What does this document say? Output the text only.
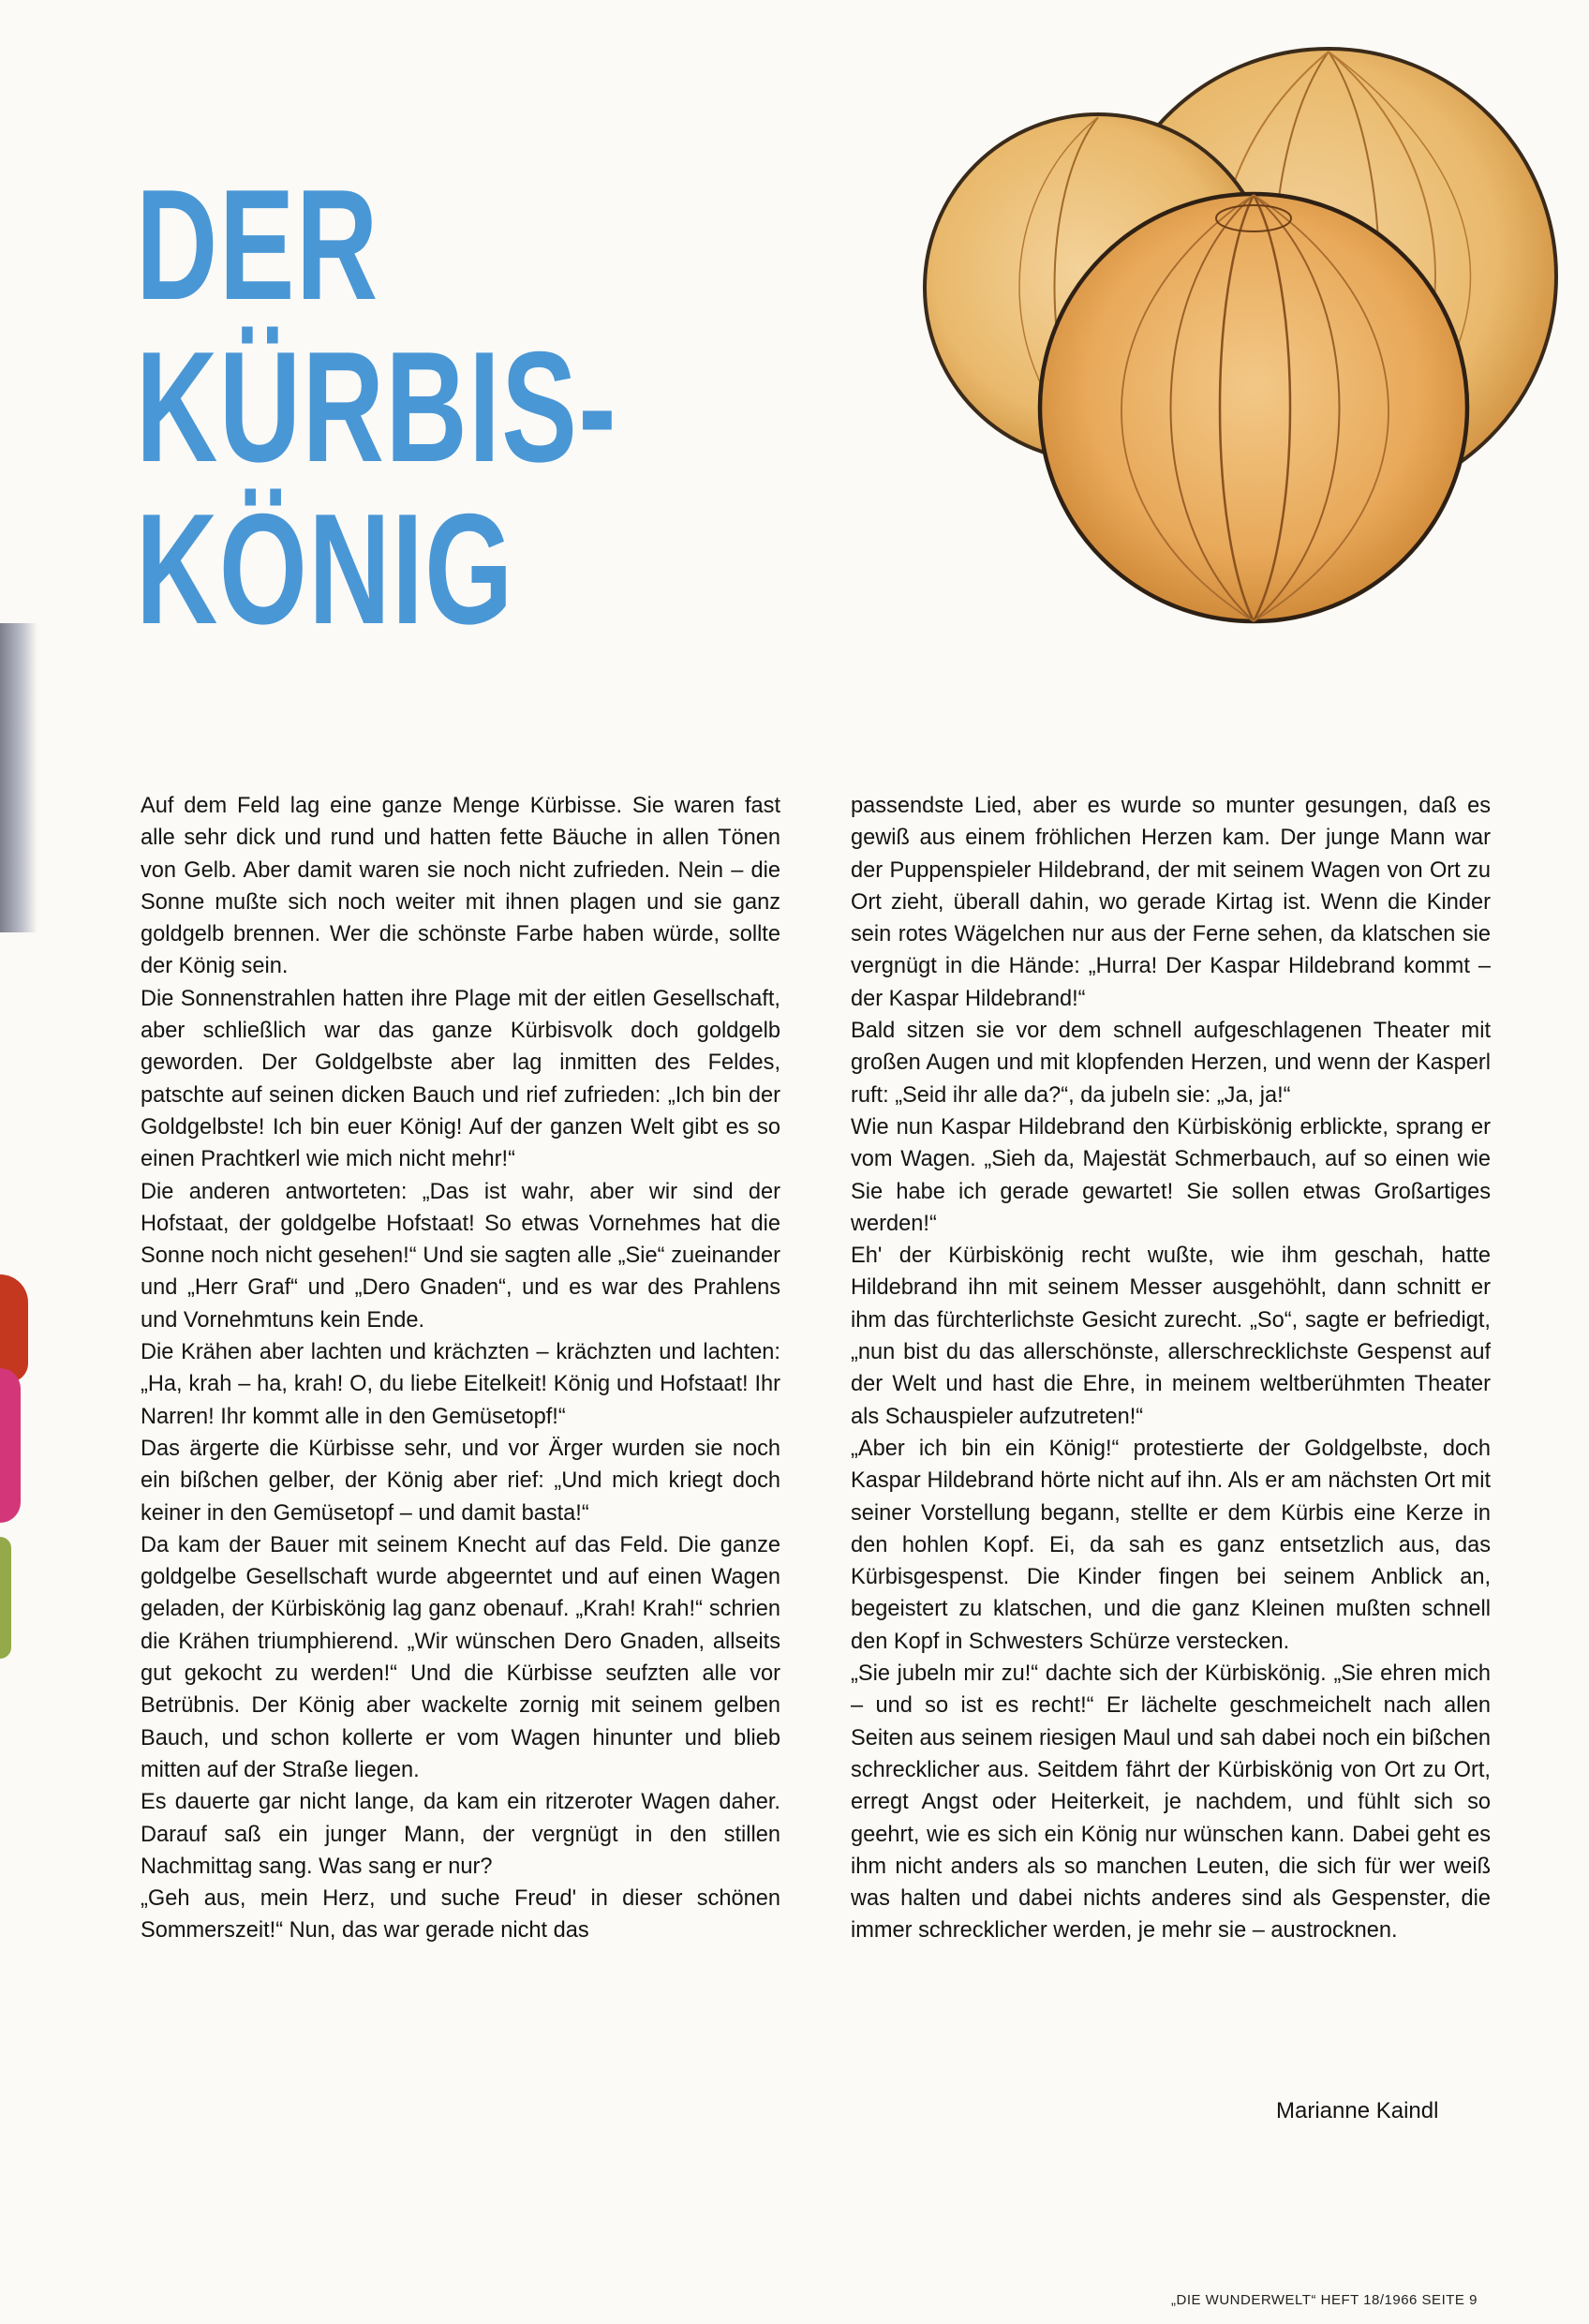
DER
KÜRBIS-
KÖNIG

Auf dem Feld lag eine ganze Menge Kürbisse. Sie waren fast alle sehr dick und rund und hatten fette Bäuche in allen Tönen von Gelb. Aber damit waren sie noch nicht zufrieden. Nein – die Sonne mußte sich noch weiter mit ihnen plagen und sie ganz goldgelb brennen. Wer die schönste Farbe haben würde, sollte der König sein.

Die Sonnenstrahlen hatten ihre Plage mit der eitlen Gesellschaft, aber schließlich war das ganze Kürbisvolk doch goldgelb geworden. Der Goldgelbste aber lag inmitten des Feldes, patschte auf seinen dicken Bauch und rief zufrieden: „Ich bin der Goldgelbste! Ich bin euer König! Auf der ganzen Welt gibt es so einen Prachtkerl wie mich nicht mehr!“

Die anderen antworteten: „Das ist wahr, aber wir sind der Hofstaat, der goldgelbe Hofstaat! So etwas Vornehmes hat die Sonne noch nicht gesehen!“ Und sie sagten alle „Sie“ zueinander und „Herr Graf“ und „Dero Gnaden“, und es war des Prahlens und Vornehmtuns kein Ende.

Die Krähen aber lachten und krächzten – krächzten und lachten: „Ha, krah – ha, krah! O, du liebe Eitelkeit! König und Hofstaat! Ihr Narren! Ihr kommt alle in den Gemüsetopf!“

Das ärgerte die Kürbisse sehr, und vor Ärger wurden sie noch ein bißchen gelber, der König aber rief: „Und mich kriegt doch keiner in den Gemüsetopf – und damit basta!“

Da kam der Bauer mit seinem Knecht auf das Feld. Die ganze goldgelbe Gesellschaft wurde abgeerntet und auf einen Wagen geladen, der Kürbiskönig lag ganz obenauf. „Krah! Krah!“ schrien die Krähen triumphierend. „Wir wünschen Dero Gnaden, allseits gut gekocht zu werden!“ Und die Kürbisse seufzten alle vor Betrübnis. Der König aber wackelte zornig mit seinem gelben Bauch, und schon kollerte er vom Wagen hinunter und blieb mitten auf der Straße liegen.

Es dauerte gar nicht lange, da kam ein ritzeroter Wagen daher. Darauf saß ein junger Mann, der vergnügt in den stillen Nachmittag sang. Was sang er nur?

„Geh aus, mein Herz, und suche Freud' in dieser schönen Sommerszeit!“ Nun, das war gerade nicht das

passendste Lied, aber es wurde so munter gesungen, daß es gewiß aus einem fröhlichen Herzen kam. Der junge Mann war der Puppenspieler Hildebrand, der mit seinem Wagen von Ort zu Ort zieht, überall dahin, wo gerade Kirtag ist. Wenn die Kinder sein rotes Wägelchen nur aus der Ferne sehen, da klatschen sie vergnügt in die Hände: „Hurra! Der Kaspar Hildebrand kommt – der Kaspar Hildebrand!“

Bald sitzen sie vor dem schnell aufgeschlagenen Theater mit großen Augen und mit klopfenden Herzen, und wenn der Kasperl ruft: „Seid ihr alle da?“, da jubeln sie: „Ja, ja!“

Wie nun Kaspar Hildebrand den Kürbiskönig erblickte, sprang er vom Wagen. „Sieh da, Majestät Schmerbauch, auf so einen wie Sie habe ich gerade gewartet! Sie sollen etwas Großartiges werden!“

Eh' der Kürbiskönig recht wußte, wie ihm geschah, hatte Hildebrand ihn mit seinem Messer ausgehöhlt, dann schnitt er ihm das fürchterlichste Gesicht zurecht. „So“, sagte er befriedigt, „nun bist du das allerschönste, allerschrecklichste Gespenst auf der Welt und hast die Ehre, in meinem weltberühmten Theater als Schauspieler aufzutreten!“

„Aber ich bin ein König!“ protestierte der Goldgelbste, doch Kaspar Hildebrand hörte nicht auf ihn. Als er am nächsten Ort mit seiner Vorstellung begann, stellte er dem Kürbis eine Kerze in den hohlen Kopf. Ei, da sah es ganz entsetzlich aus, das Kürbisgespenst. Die Kinder fingen bei seinem Anblick an, begeistert zu klatschen, und die ganz Kleinen mußten schnell den Kopf in Schwesters Schürze verstecken.

„Sie jubeln mir zu!“ dachte sich der Kürbiskönig. „Sie ehren mich – und so ist es recht!“ Er lächelte geschmeichelt nach allen Seiten aus seinem riesigen Maul und sah dabei noch ein bißchen schrecklicher aus. Seitdem fährt der Kürbiskönig von Ort zu Ort, erregt Angst oder Heiterkeit, je nachdem, und fühlt sich so geehrt, wie es sich ein König nur wünschen kann. Dabei geht es ihm nicht anders als so manchen Leuten, die sich für wer weiß was halten und dabei nichts anderes sind als Gespenster, die immer schrecklicher werden, je mehr sie – austrocknen.

Marianne Kaindl
„DIE WUNDERWELT“ HEFT 18/1966 SEITE 9
